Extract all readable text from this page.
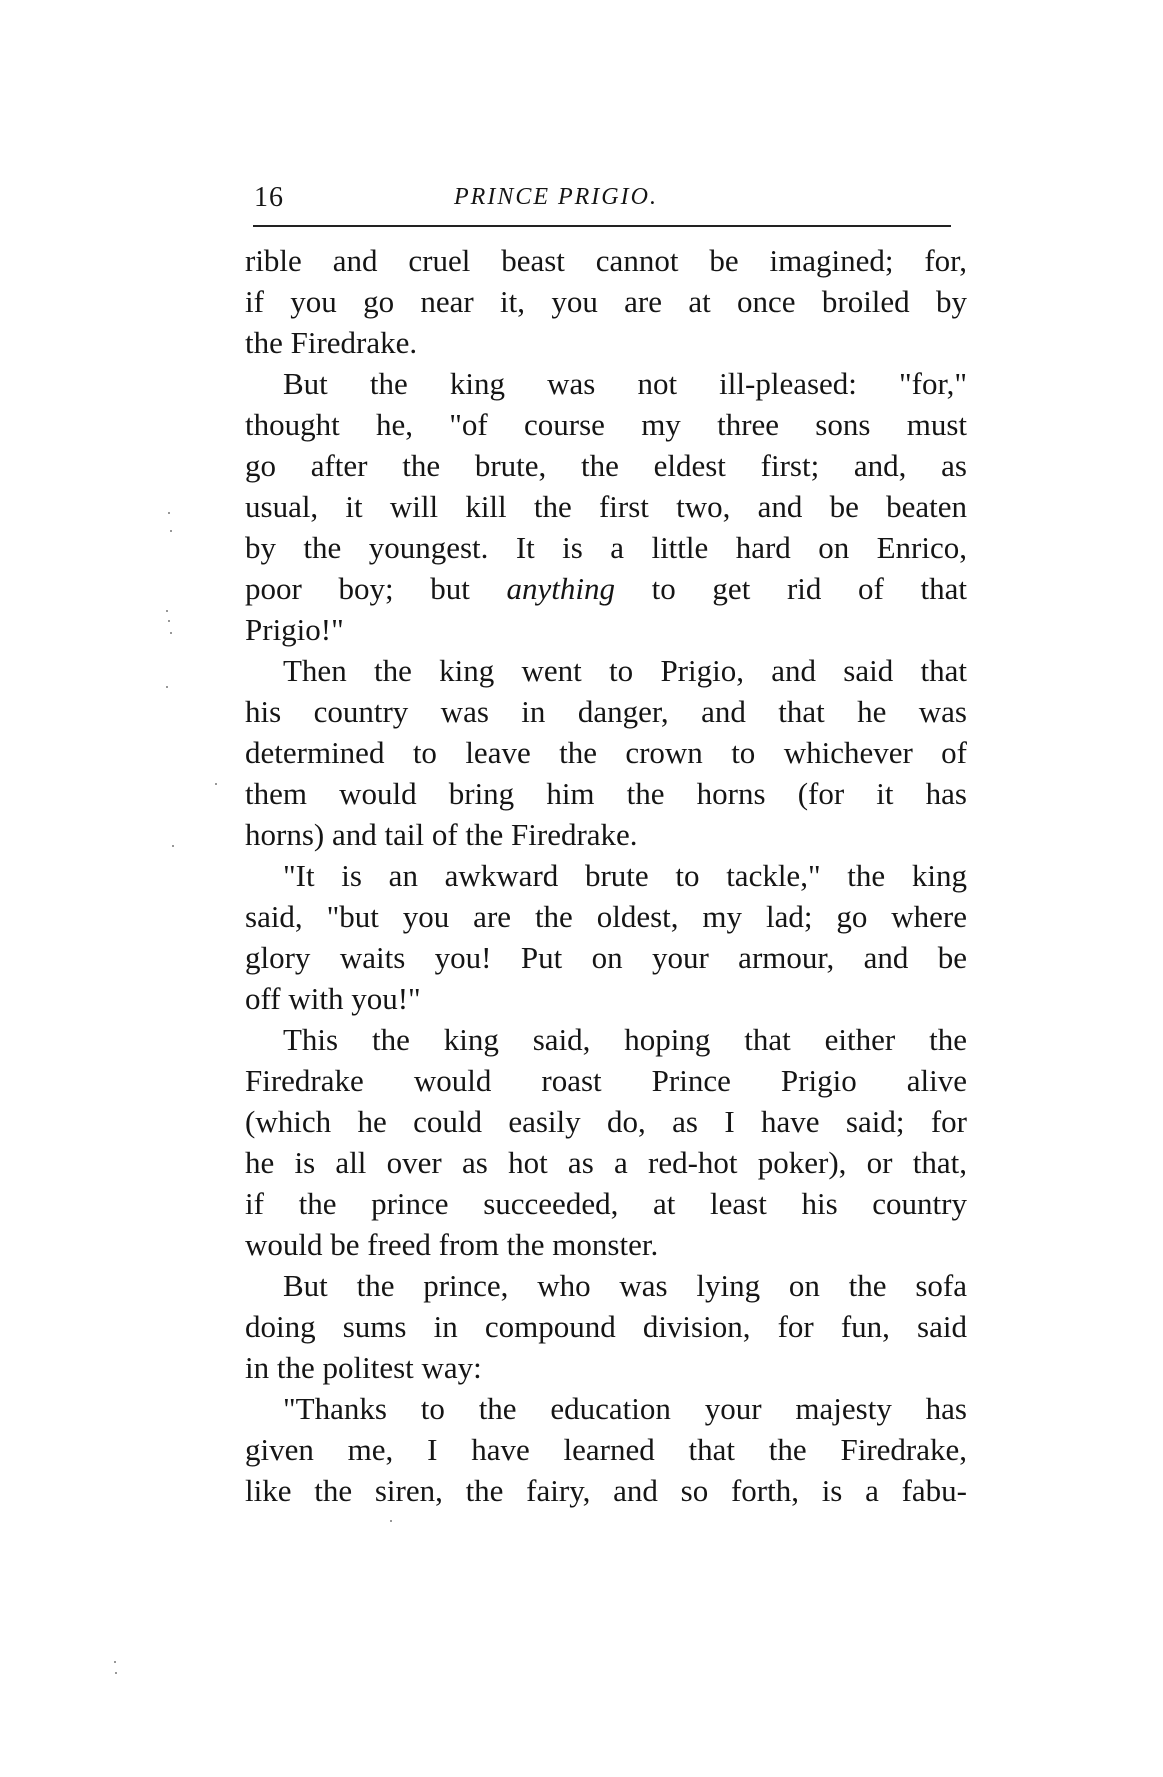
16	PRINCE PRIGIO.
rible and cruel beast cannot be imagined; for,
if you go near it, you are at once broiled by
the Firedrake.
But the king was not ill-pleased: "for,"
thought he, "of course my three sons must
go after the brute, the eldest first; and, as
usual, it will kill the first two, and be beaten
by the youngest. It is a little hard on Enrico,
poor boy; but anything to get rid of that
Prigio!"
Then the king went to Prigio, and said that
his country was in danger, and that he was
determined to leave the crown to whichever of
them would bring him the horns (for it has
horns) and tail of the Firedrake.
"It is an awkward brute to tackle," the king
said, "but you are the oldest, my lad; go where
glory waits you! Put on your armour, and be
off with you!"
This the king said, hoping that either the
Firedrake would roast Prince Prigio alive
(which he could easily do, as I have said; for
he is all over as hot as a red-hot poker), or that,
if the prince succeeded, at least his country
would be freed from the monster.
But the prince, who was lying on the sofa
doing sums in compound division, for fun, said
in the politest way:
"Thanks to the education your majesty has
given me, I have learned that the Firedrake,
like the siren, the fairy, and so forth, is a fabu-
